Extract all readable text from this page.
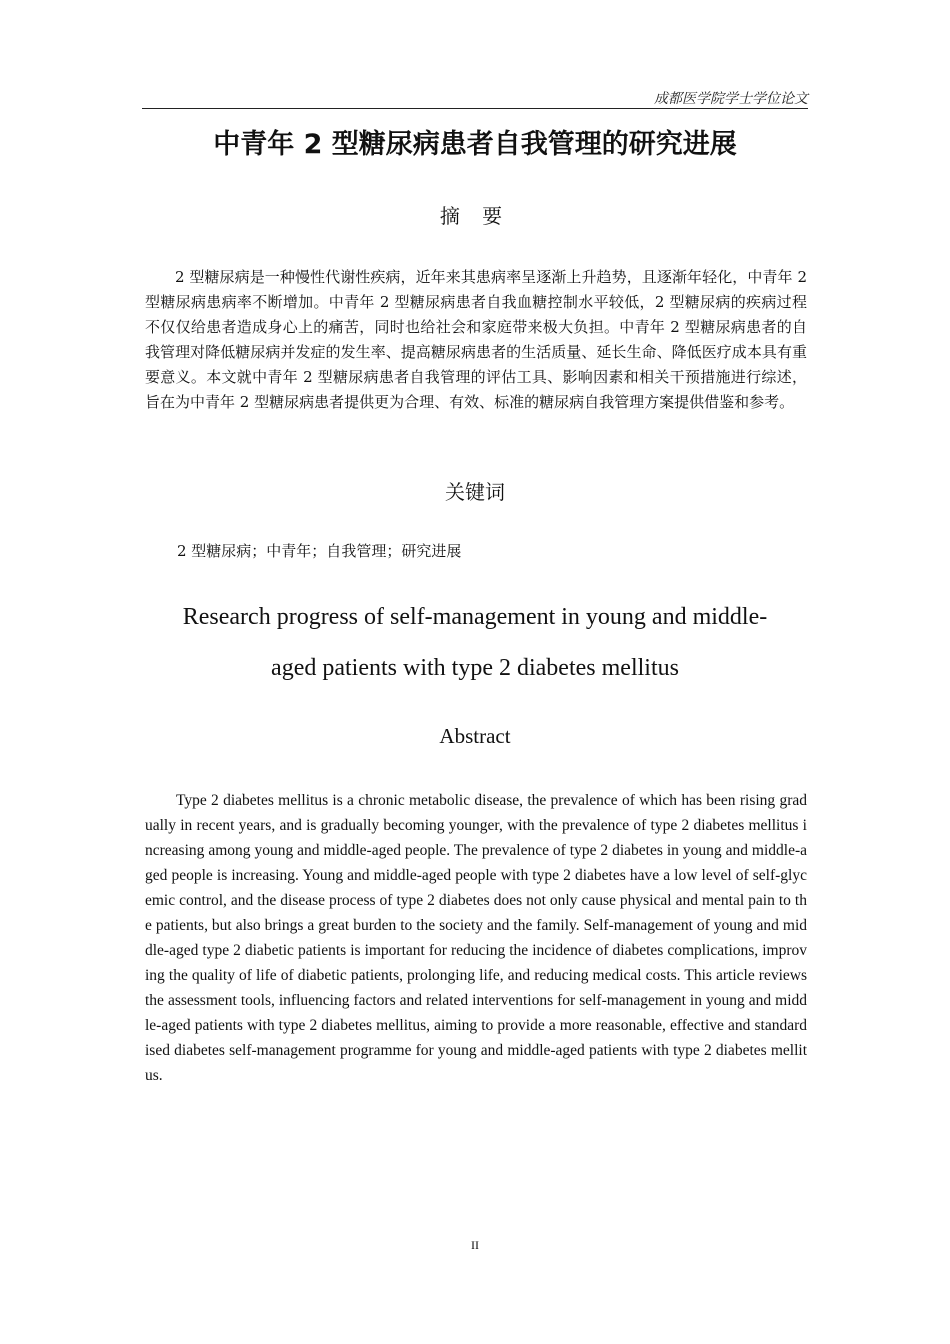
成都医学院学士学位论文
中青年 2 型糖尿病患者自我管理的研究进展
摘 要

2 型糖尿病是一种慢性代谢性疾病，近年来其患病率呈逐渐上升趋势，且逐渐年轻化，中青年 2 型糖尿病患病率不断增加。中青年 2 型糖尿病患者自我血糖控制水平较低，2 型糖尿病的疾病过程不仅仅给患者造成身心上的痛苦，同时也给社会和家庭带来极大负担。中青年 2 型糖尿病患者的自我管理对降低糖尿病并发症的发生率、提高糖尿病患者的生活质量、延长生命、降低医疗成本具有重要意义。本文就中青年 2 型糖尿病患者自我管理的评估工具、影响因素和相关干预措施进行综述，旨在为中青年 2 型糖尿病患者提供更为合理、有效、标准的糖尿病自我管理方案提供借鉴和参考。

关键词
2 型糖尿病；中青年；自我管理；研究进展
Research progress of self-management in young and middle-
aged patients with type 2 diabetes mellitus
Abstract

Type 2 diabetes mellitus is a chronic metabolic disease, the prevalence of which has been rising gradually in recent years, and is gradually becoming younger, with the prevalence of type 2 diabetes mellitus increasing among young and middle-aged people. The prevalence of type 2 diabetes in young and middle-aged people is increasing. Young and middle-aged people with type 2 diabetes have a low level of self-glycemic control, and the disease process of type 2 diabetes does not only cause physical and mental pain to the patients, but also brings a great burden to the society and the family. Self-management of young and middle-aged type 2 diabetic patients is important for reducing the incidence of diabetes complications, improving the quality of life of diabetic patients, prolonging life, and reducing medical costs. This article reviews the assessment tools, influencing factors and related interventions for self-management in young and middle-aged patients with type 2 diabetes mellitus, aiming to provide a more reasonable, effective and standardised diabetes self-management programme for young and middle-aged patients with type 2 diabetes mellitus.

II
